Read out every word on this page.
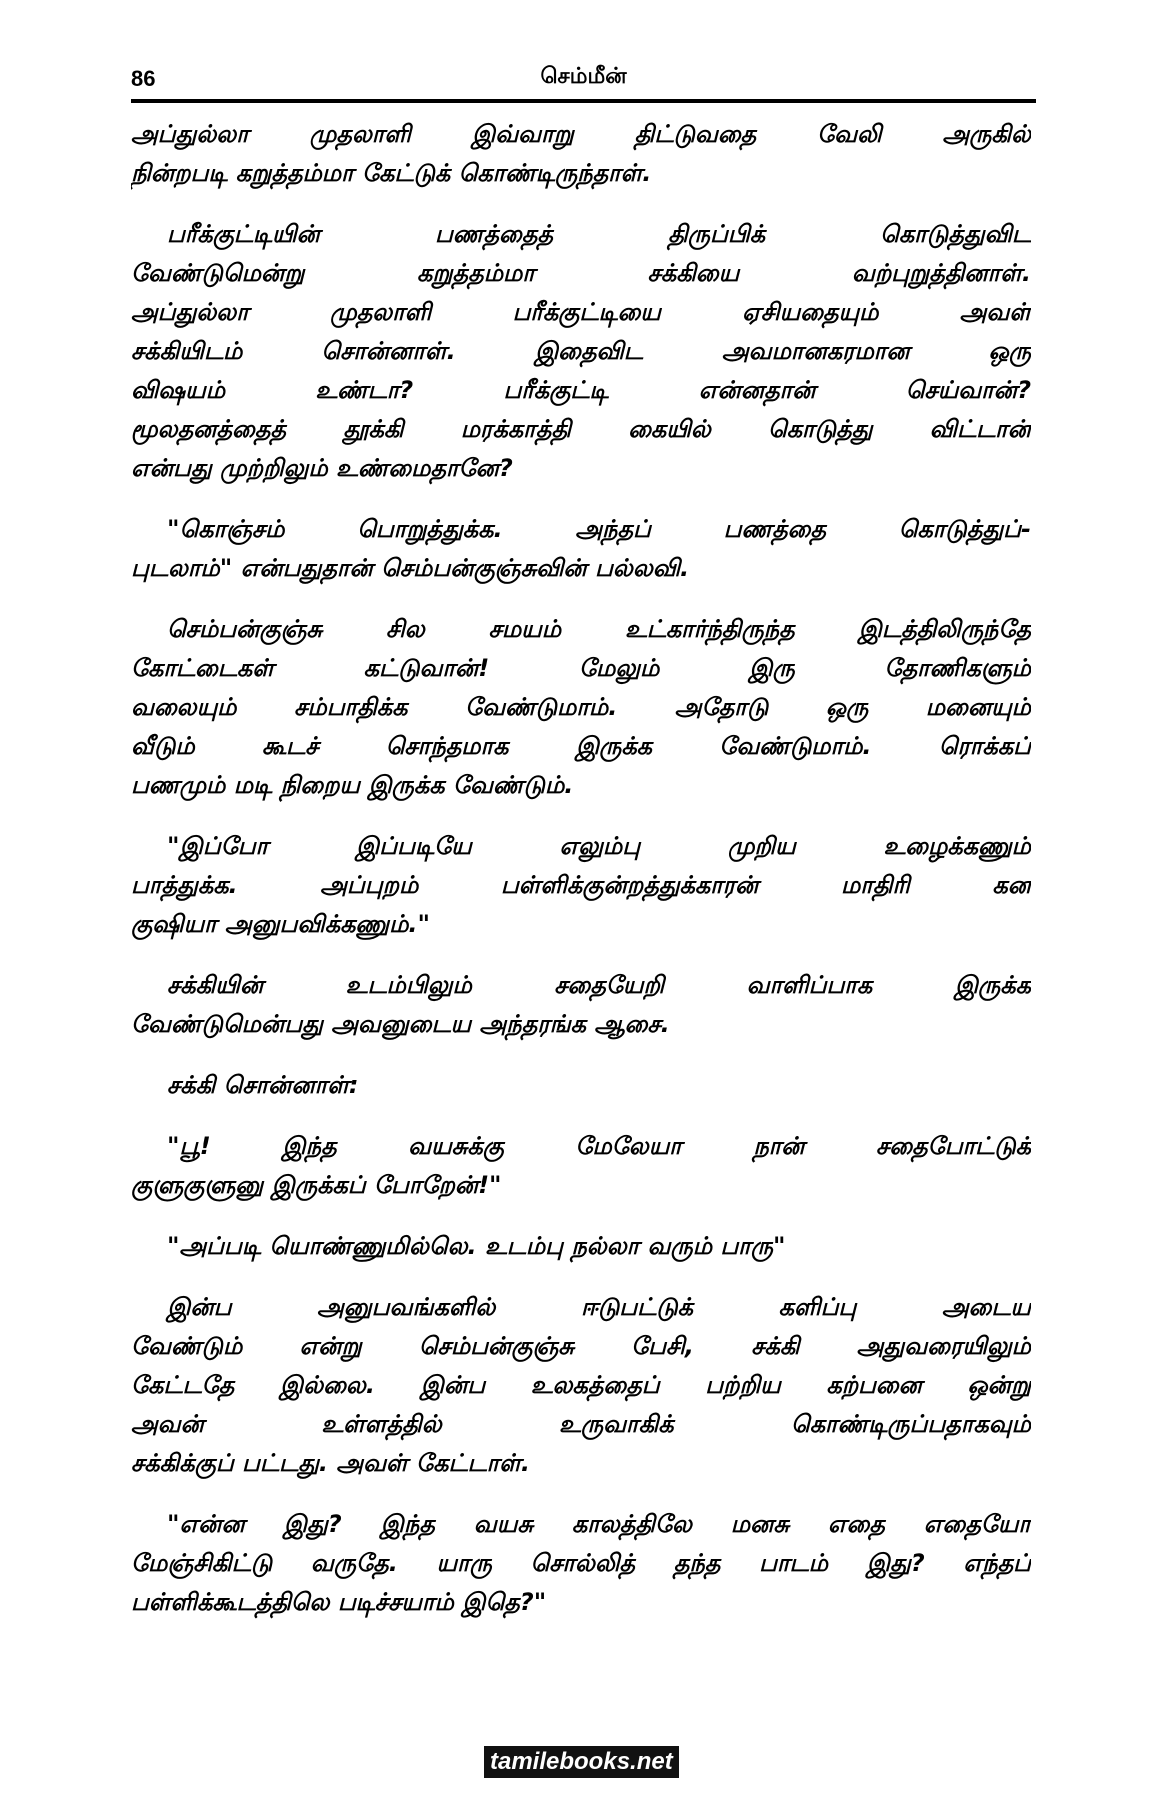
86	செம்மீன்
அப்துல்லா முதலாளி இவ்வாறு திட்டுவதை வேலி அருகில்
நின்றபடி கறுத்தம்மா கேட்டுக் கொண்டிருந்தாள்.
பரீக்குட்டியின் பணத்தைத் திருப்பிக் கொடுத்துவிட
வேண்டுமென்று கறுத்தம்மா சக்கியை வற்புறுத்தினாள்.
அப்துல்லா முதலாளி பரீக்குட்டியை ஏசியதையும் அவள்
சக்கியிடம் சொன்னாள். இதைவிட அவமானகரமான ஒரு
விஷயம் உண்டா? பரீக்குட்டி என்னதான் செய்வான்?
மூலதனத்தைத் தூக்கி மரக்காத்தி கையில் கொடுத்து விட்டான்
என்பது முற்றிலும் உண்மைதானே?
"கொஞ்சம் பொறுத்துக்க. அந்தப் பணத்தை கொடுத்துப்-
புடலாம்" என்பதுதான் செம்பன்குஞ்சுவின் பல்லவி.
செம்பன்குஞ்சு சில சமயம் உட்கார்ந்திருந்த இடத்திலிருந்தே
கோட்டைகள் கட்டுவான்! மேலும் இரு தோணிகளும்
வலையும் சம்பாதிக்க வேண்டுமாம். அதோடு ஒரு மனையும்
வீடும் கூடச் சொந்தமாக இருக்க வேண்டுமாம். ரொக்கப்
பணமும் மடி நிறைய இருக்க வேண்டும்.
"இப்போ இப்படியே எலும்பு முறிய உழைக்கணும்
பாத்துக்க. அப்புறம் பள்ளிக்குன்றத்துக்காரன் மாதிரி கன
குஷியா அனுபவிக்கணும்."
சக்கியின் உடம்பிலும் சதையேறி வாளிப்பாக இருக்க
வேண்டுமென்பது அவனுடைய அந்தரங்க ஆசை.
சக்கி சொன்னாள்:
"பூ! இந்த வயசுக்கு மேலேயா நான் சதைபோட்டுக்
குளுகுளுனு இருக்கப் போறேன்!"
"அப்படி யொண்ணுமில்லெ. உடம்பு நல்லா வரும் பாரு"
இன்ப அனுபவங்களில் ஈடுபட்டுக் களிப்பு அடைய
வேண்டும் என்று செம்பன்குஞ்சு பேசி, சக்கி அதுவரையிலும்
கேட்டதே இல்லை. இன்ப உலகத்தைப் பற்றிய கற்பனை ஒன்று
அவன் உள்ளத்தில் உருவாகிக் கொண்டிருப்பதாகவும்
சக்கிக்குப் பட்டது. அவள் கேட்டாள்.
"என்ன இது? இந்த வயசு காலத்திலே மனசு எதை எதையோ
மேஞ்சிகிட்டு வருதே. யாரு சொல்லித் தந்த பாடம் இது? எந்தப்
பள்ளிக்கூடத்திலெ படிச்சயாம் இதெ?"
tamilebooks.net
